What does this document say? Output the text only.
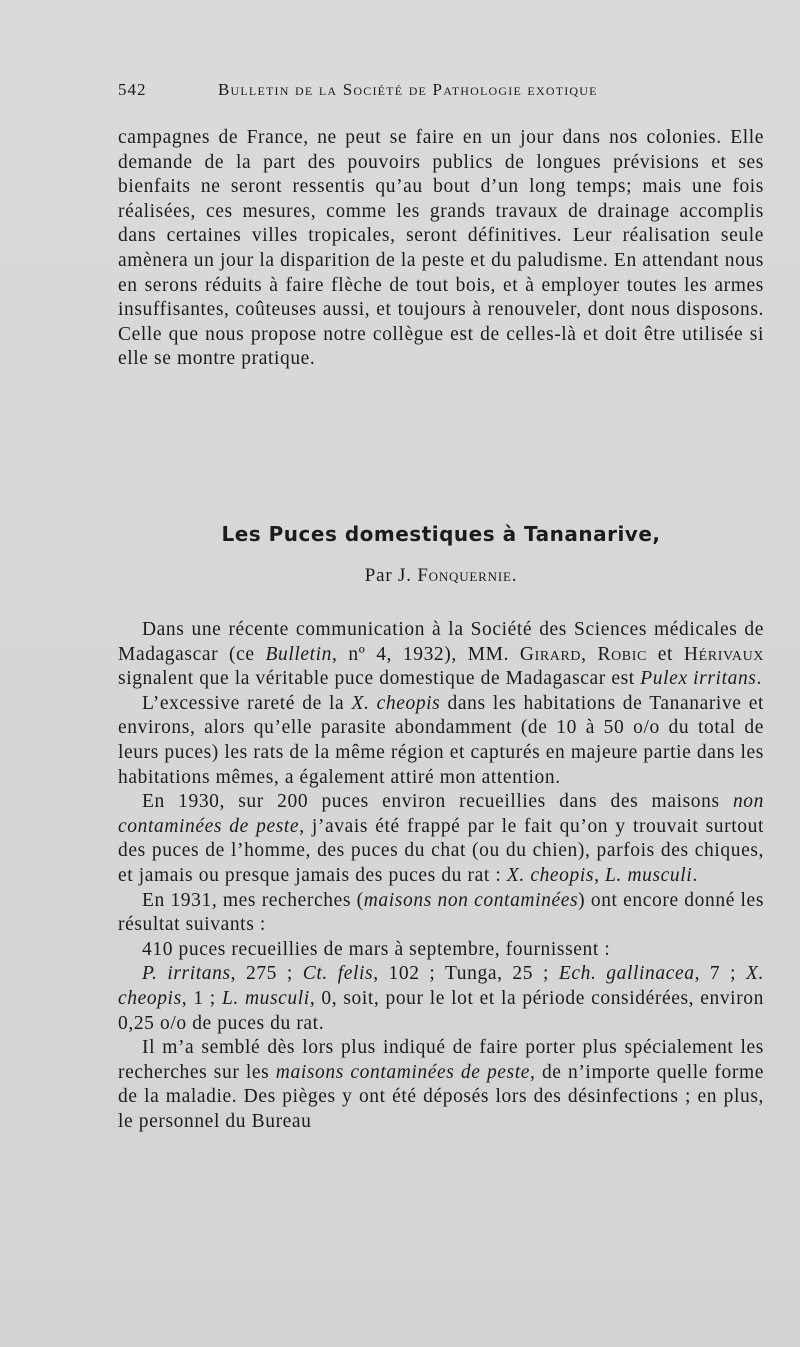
542	Bulletin de la Société de Pathologie exotique

campagnes de France, ne peut se faire en un jour dans nos colonies. Elle demande de la part des pouvoirs publics de longues prévisions et ses bienfaits ne seront ressentis qu’au bout d’un long temps; mais une fois réalisées, ces mesures, comme les grands travaux de drainage accomplis dans certaines villes tropicales, seront définitives. Leur réalisation seule amènera un jour la disparition de la peste et du paludisme. En attendant nous en serons réduits à faire flèche de tout bois, et à employer toutes les armes insuffisantes, coûteuses aussi, et toujours à renouveler, dont nous disposons. Celle que nous propose notre collègue est de celles-là et doit être utilisée si elle se montre pratique.

Les Puces domestiques à Tananarive,
Par J. Fonquernie.

Dans une récente communication à la Société des Sciences médicales de Madagascar (ce Bulletin, nº 4, 1932), MM. Girard, Robic et Hérivaux signalent que la véritable puce domestique de Madagascar est Pulex irritans.

L’excessive rareté de la X. cheopis dans les habitations de Tananarive et environs, alors qu’elle parasite abondamment (de 10 à 50 o/o du total de leurs puces) les rats de la même région et capturés en majeure partie dans les habitations mêmes, a également attiré mon attention.

En 1930, sur 200 puces environ recueillies dans des maisons non contaminées de peste, j’avais été frappé par le fait qu’on y trouvait surtout des puces de l’homme, des puces du chat (ou du chien), parfois des chiques, et jamais ou presque jamais des puces du rat : X. cheopis, L. musculi.

En 1931, mes recherches (maisons non contaminées) ont encore donné les résultat suivants :

410 puces recueillies de mars à septembre, fournissent :

P. irritans, 275 ; Ct. felis, 102 ; Tunga, 25 ; Ech. gallinacea, 7 ; X. cheopis, 1 ; L. musculi, 0, soit, pour le lot et la période considérées, environ 0,25 o/o de puces du rat.

Il m’a semblé dès lors plus indiqué de faire porter plus spécialement les recherches sur les maisons contaminées de peste, de n’importe quelle forme de la maladie. Des pièges y ont été déposés lors des désinfections ; en plus, le personnel du Bureau
